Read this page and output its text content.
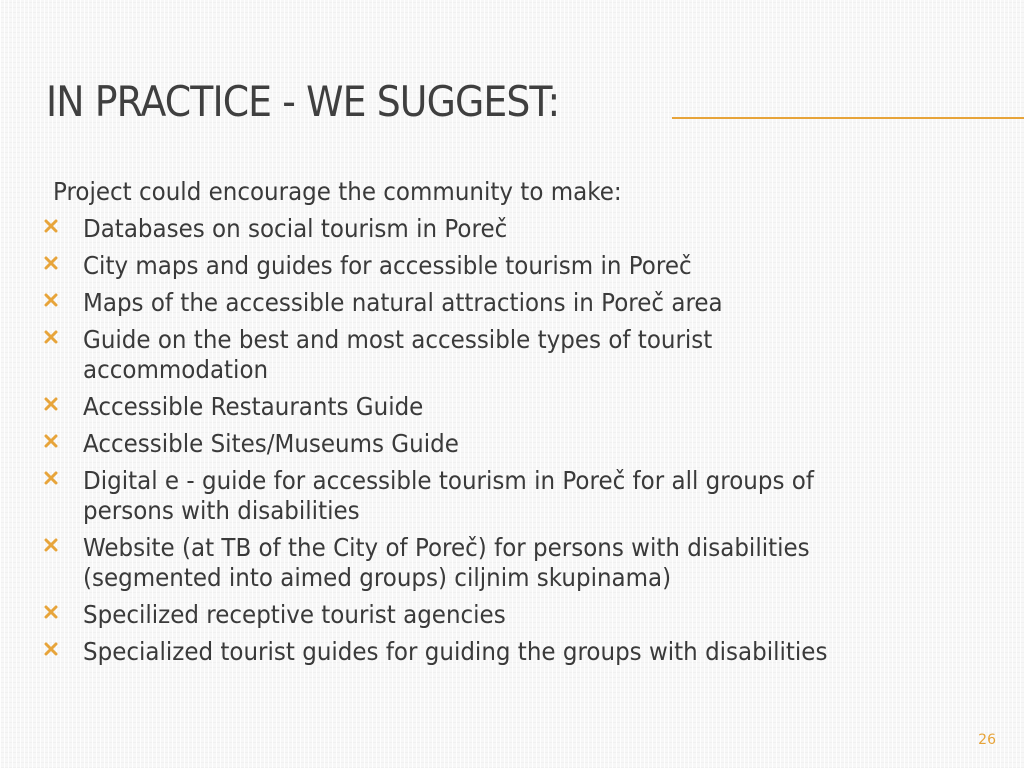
IN PRACTICE - WE SUGGEST:

Project could encourage the community to make:

Databases on social tourism in Poreč
City maps and guides for accessible tourism in Poreč
Maps of the accessible natural attractions in Poreč area
Guide on the best and most accessible types of tourist accommodation
Accessible Restaurants Guide
Accessible Sites/Museums Guide
Digital e - guide for accessible tourism in Poreč for all groups of persons with disabilities
Website (at TB of the City of Poreč) for persons with disabilities (segmented into aimed groups) ciljnim skupinama)
Specilized receptive tourist agencies
Specialized tourist guides for guiding the groups with disabilities
26
